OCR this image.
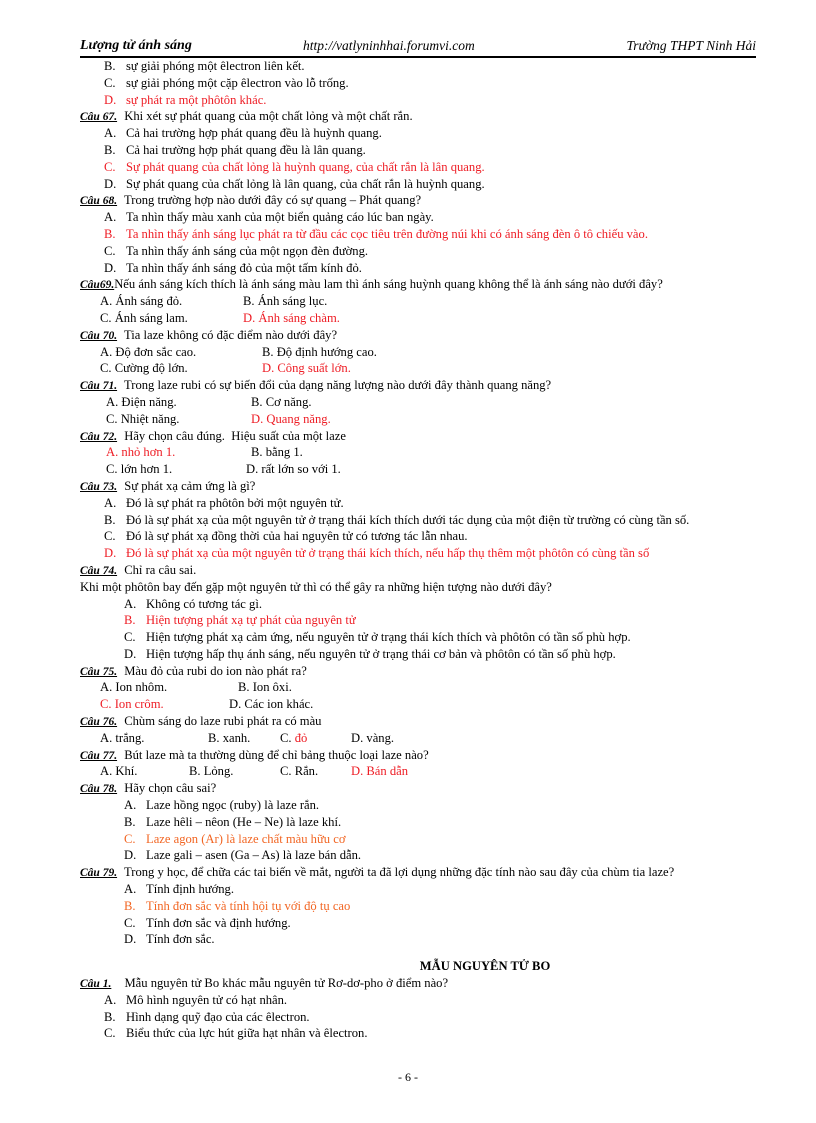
Lượng tử ánh sáng	http://vatlyninhhai.forumvi.com	Trường THPT Ninh Hải
B. sự giải phóng một êlectron liên kết.
C. sự giải phóng một cặp êlectron vào lỗ trống.
D. sự phát ra một phôtôn khác.
Câu 67. Khi xét sự phát quang của một chất lỏng và một chất rắn.
A. Cả hai trường hợp phát quang đều là huỳnh quang.
B. Cả hai trường hợp phát quang đều là lân quang.
C. Sự phát quang của chất lỏng là huỳnh quang, của chất rắn là lân quang.
D. Sự phát quang của chất lỏng là lân quang, của chất rắn là huỳnh quang.
Câu 68. Trong trường hợp nào dưới đây có sự quang – Phát quang?
A. Ta nhìn thấy màu xanh của một biển quảng cáo lúc ban ngày.
B. Ta nhìn thấy ánh sáng lục phát ra từ đầu các cọc tiêu trên đường núi khi có ánh sáng đèn ô tô chiếu vào.
C. Ta nhìn thấy ánh sáng của một ngọn đèn đường.
D. Ta nhìn thấy ánh sáng đỏ của một tấm kính đỏ.
Câu69.Nếu ánh sáng kích thích là ánh sáng màu lam thì ánh sáng huỳnh quang không thể là ánh sáng nào dưới đây?
A. Ánh sáng đỏ.	B. Ánh sáng lục.
C. Ánh sáng lam.	D. Ánh sáng chàm.
Câu 70. Tia laze không có đặc điểm nào dưới đây?
A. Độ đơn sắc cao.	B. Độ định hướng cao.
C. Cường độ lớn.	D. Công suất lớn.
Câu 71. Trong laze rubi có sự biến đổi của dạng năng lượng nào dưới đây thành quang năng?
A. Điện năng.	B. Cơ năng.
C. Nhiệt năng.	D. Quang năng.
Câu 72. Hãy chọn câu đúng.  Hiệu suất của một laze
A. nhỏ hơn 1.	B. bằng 1.
C. lớn hơn 1.	D. rất lớn so với 1.
Câu 73. Sự phát xạ cảm ứng là gì?
A. Đó là sự phát ra phôtôn bởi một nguyên tử.
B. Đó là sự phát xạ của một nguyên tử ở trạng thái kích thích dưới tác dụng của một điện từ trường có cùng tần số.
C. Đó là sự phát xạ đồng thời của hai nguyên tử có tương tác lẫn nhau.
D. Đó là sự phát xạ của một nguyên tử ở trạng thái kích thích, nếu hấp thụ thêm một phôtôn có cùng tần số
Câu 74. Chỉ ra câu sai.
Khi một phôtôn bay đến gặp một nguyên tử thì có thể gây ra những hiện tượng nào dưới đây?
A. Không có tương tác gì.
B. Hiện tượng phát xạ tự phát của nguyên tử
C. Hiện tượng phát xạ cảm ứng, nếu nguyên tử ở trạng thái kích thích và phôtôn có tần số phù hợp.
D. Hiện tượng hấp thụ ánh sáng, nếu nguyên tử ở trạng thái cơ bản và phôtôn có tần số phù hợp.
Câu 75. Màu đỏ của rubi do ion nào phát ra?
A. Ion nhôm.	B. Ion ôxi.
C. Ion crôm.	D. Các ion khác.
Câu 76. Chùm sáng do laze rubi phát ra có màu
A. trắng.	B. xanh. C. đỏ	D. vàng.
Câu 77. Bút laze mà ta thường dùng để chỉ bảng thuộc loại laze nào?
A. Khí.	B. Lỏng.	C. Rắn.	D. Bán dẫn
Câu 78. Hãy chọn câu sai?
A. Laze hồng ngọc (ruby) là laze rắn.
B. Laze hêli – nêon (He – Ne) là laze khí.
C. Laze agon (Ar) là laze chất màu hữu cơ
D. Laze gali – asen (Ga – As) là laze bán dẫn.
Câu 79. Trong y học, để chữa các tai biến về mắt, người ta đã lợi dụng những đặc tính nào sau đây của chùm tia laze?
A. Tính định hướng.
B. Tính đơn sắc và tính hội tụ với độ tụ cao
C. Tính đơn sắc và định hướng.
D. Tính đơn sắc.
MẪU NGUYÊN TỬ BO
Câu 1. Mẫu nguyên tử Bo khác mẫu nguyên tử Rơ-dơ-pho ở điểm nào?
A. Mô hình nguyên tử có hạt nhân.
B. Hình dạng quỹ đạo của các êlectron.
C. Biểu thức của lực hút giữa hạt nhân và êlectron.
- 6 -
